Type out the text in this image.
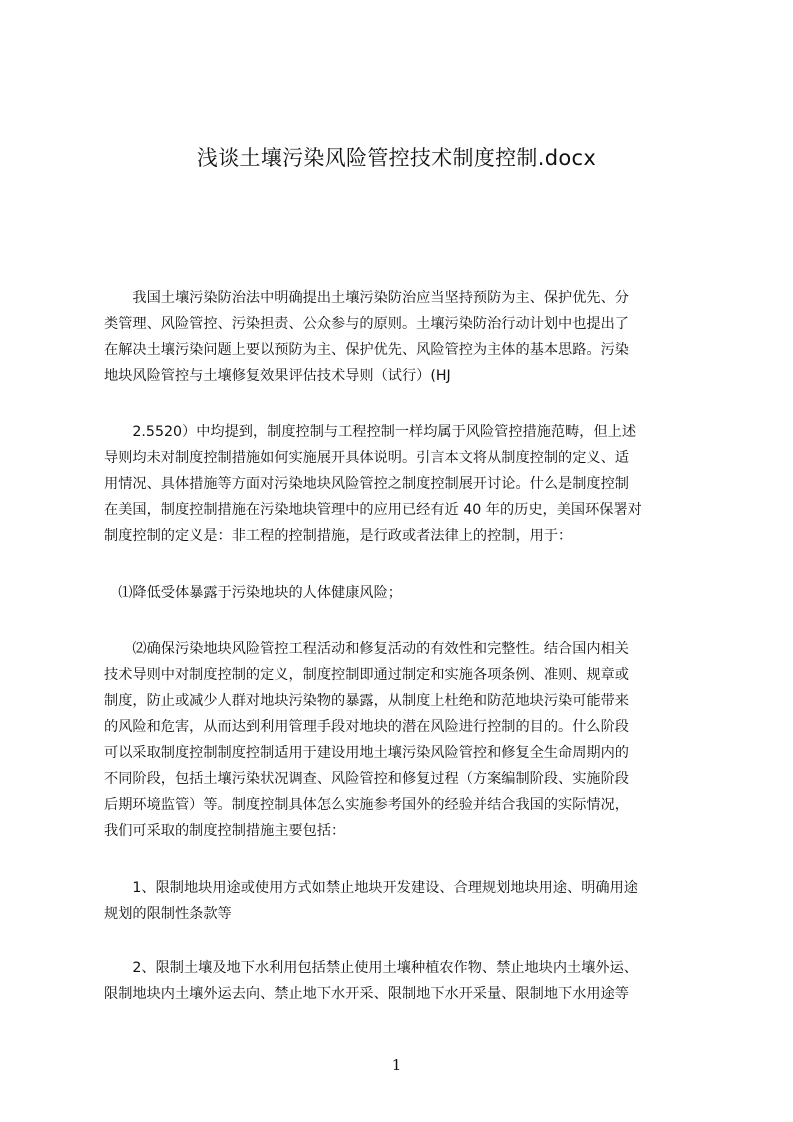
浅谈土壤污染风险管控技术制度控制.docx
　　我国土壤污染防治法中明确提出土壤污染防治应当坚持预防为主、保护优先、分
类管理、风险管控、污染担责、公众参与的原则。土壤污染防治行动计划中也提出了
在解决土壤污染问题上要以预防为主、保护优先、风险管控为主体的基本思路。污染
地块风险管控与土壤修复效果评估技术导则（试行）(HJ
　　2.5520）中均提到，制度控制与工程控制一样均属于风险管控措施范畴，但上述
导则均未对制度控制措施如何实施展开具体说明。引言本文将从制度控制的定义、适
用情况、具体措施等方面对污染地块风险管控之制度控制展开讨论。什么是制度控制
在美国，制度控制措施在污染地块管理中的应用已经有近 40 年的历史，美国环保署对
制度控制的定义是：非工程的控制措施，是行政或者法律上的控制，用于：
　⑴降低受体暴露于污染地块的人体健康风险；
　　⑵确保污染地块风险管控工程活动和修复活动的有效性和完整性。结合国内相关
技术导则中对制度控制的定义，制度控制即通过制定和实施各项条例、准则、规章或
制度，防止或减少人群对地块污染物的暴露，从制度上杜绝和防范地块污染可能带来
的风险和危害，从而达到利用管理手段对地块的潜在风险进行控制的目的。什么阶段
可以采取制度控制制度控制适用于建设用地土壤污染风险管控和修复全生命周期内的
不同阶段，包括土壤污染状况调查、风险管控和修复过程（方案编制阶段、实施阶段
后期环境监管）等。制度控制具体怎么实施参考国外的经验并结合我国的实际情况，
我们可采取的制度控制措施主要包括：
　　1、限制地块用途或使用方式如禁止地块开发建设、合理规划地块用途、明确用途
规划的限制性条款等
　　2、限制土壤及地下水利用包括禁止使用土壤种植农作物、禁止地块内土壤外运、
限制地块内土壤外运去向、禁止地下水开采、限制地下水开采量、限制地下水用途等
1
